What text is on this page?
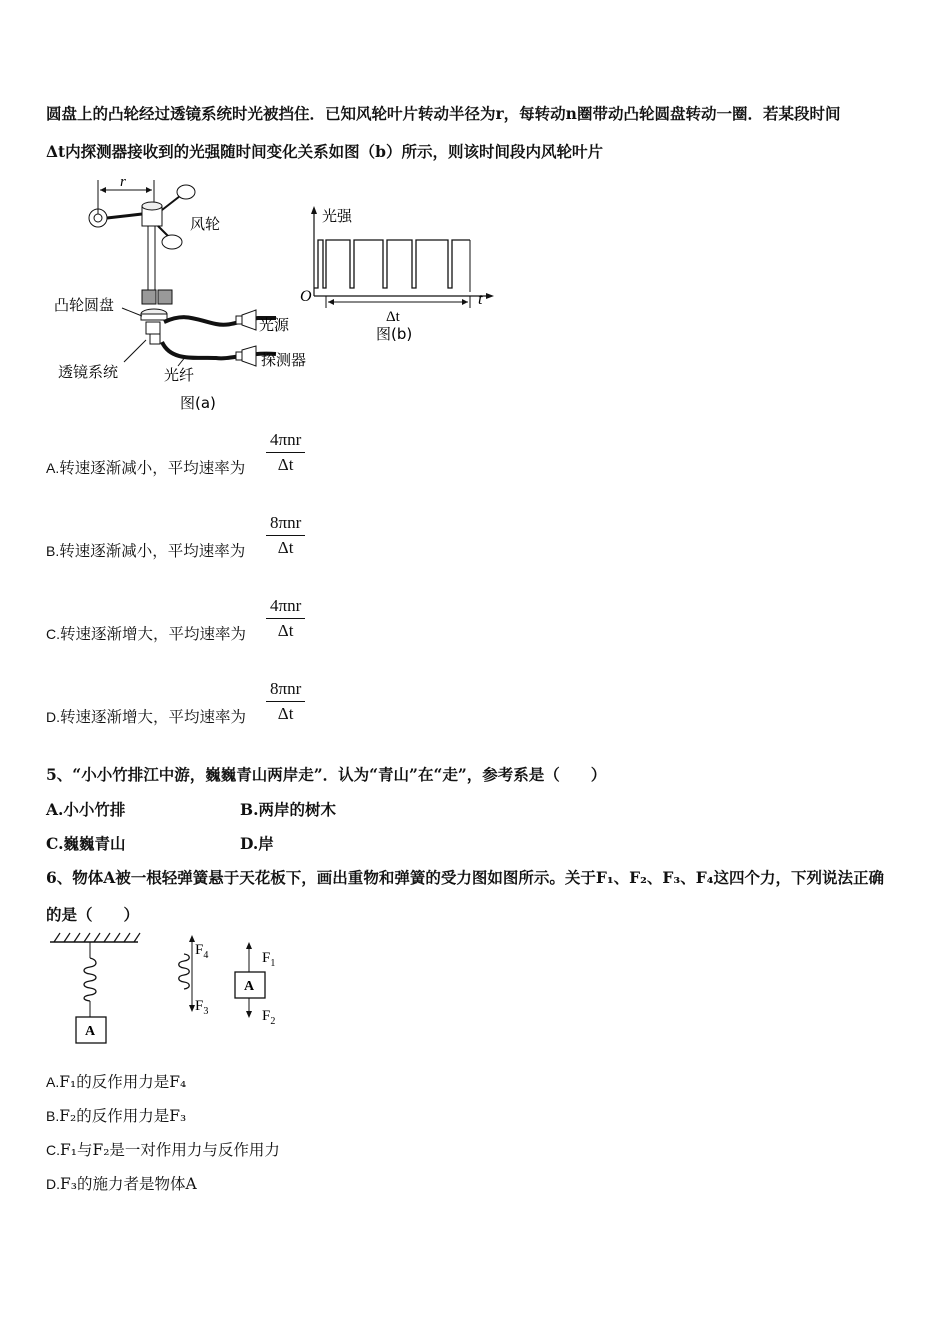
圆盘上的凸轮经过透镜系统时光被挡住．已知风轮叶片转动半径为r，每转动n圈带动凸轮圆盘转动一圈．若某段时间
Δt内探测器接收到的光强随时间变化关系如图（b）所示，则该时间段内风轮叶片
r
风轮
凸轮圆盘
透镜系统
光源
探测器
光纤
图(a)
光强
O	t
Δt
图(b)
A.转速逐渐减小，平均速率为
4πnr
Δt
B.转速逐渐减小，平均速率为
8πnr
Δt
C.转速逐渐增大，平均速率为
4πnr
Δt
D.转速逐渐增大，平均速率为
8πnr
Δt
5、“小小竹排江中游，巍巍青山两岸走”．认为“青山”在“走”，参考系是（　　）
A.小小竹排	B.两岸的树木
C.巍巍青山	D.岸
6、物体A被一根轻弹簧悬于天花板下，画出重物和弹簧的受力图如图所示。关于F₁、F₂、F₃、F₄这四个力，下列说法正确
的是（　　）
A
$F_4$
$F_3$
A
$F_1$
$F_2$
A.F₁的反作用力是F₄
B.F₂的反作用力是F₃
C.F₁与F₂是一对作用力与反作用力
D.F₃的施力者是物体A
